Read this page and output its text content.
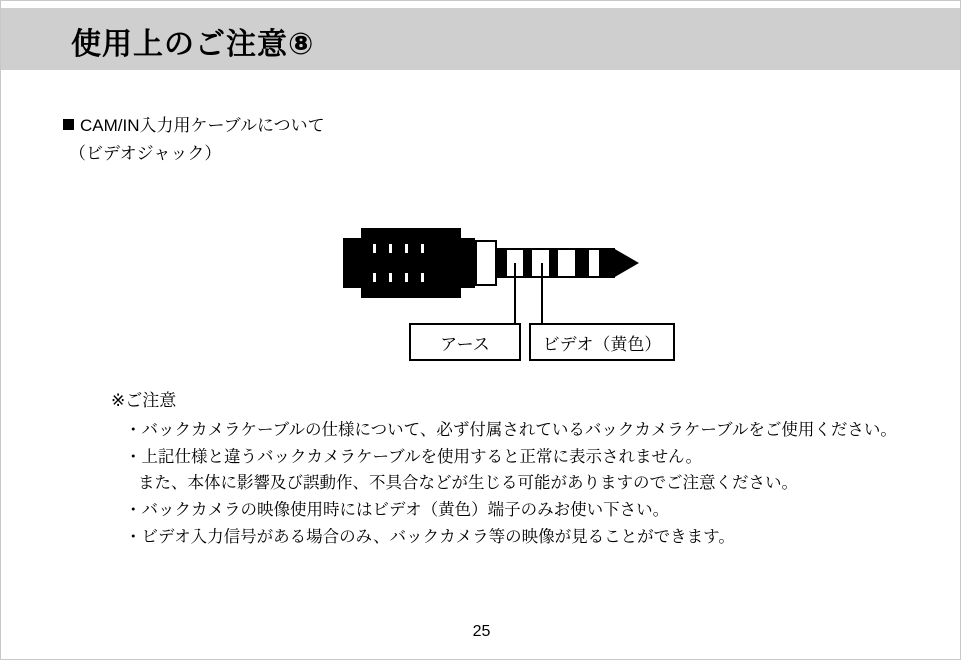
使用上のご注意⑧
CAM/IN入力用ケーブルについて
（ビデオジャック）
アース	ビデオ（黄色）
※ご注意
・バックカメラケーブルの仕様について、必ず付属されているバックカメラケーブルをご使用ください。
・上記仕様と違うバックカメラケーブルを使用すると正常に表示されません。
また、本体に影響及び誤動作、不具合などが生じる可能がありますのでご注意ください。
・バックカメラの映像使用時にはビデオ（黄色）端子のみお使い下さい。
・ビデオ入力信号がある場合のみ、バックカメラ等の映像が見ることができます。
25
